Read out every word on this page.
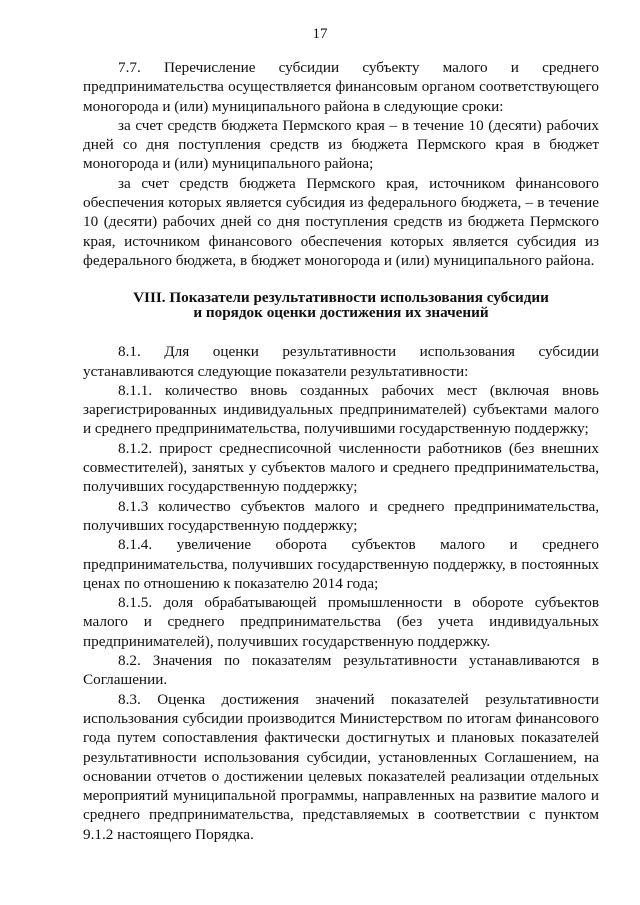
17

7.7. Перечисление субсидии субъекту малого и среднего предпринимательства осуществляется финансовым органом соответствующего моногорода и (или) муниципального района в следующие сроки:

за счет средств бюджета Пермского края – в течение 10 (десяти) рабочих дней со дня поступления средств из бюджета Пермского края в бюджет моногорода и (или) муниципального района;

за счет средств бюджета Пермского края, источником финансового обеспечения которых является субсидия из федерального бюджета, – в течение 10 (десяти) рабочих дней со дня поступления средств из бюджета Пермского края, источником финансового обеспечения которых является субсидия из федерального бюджета, в бюджет моногорода и (или) муниципального района.

VIII. Показатели результативности использования субсидии
и порядок оценки достижения их значений

8.1. Для оценки результативности использования субсидии устанавливаются следующие показатели результативности:

8.1.1. количество вновь созданных рабочих мест (включая вновь зарегистрированных индивидуальных предпринимателей) субъектами малого и среднего предпринимательства, получившими государственную поддержку;

8.1.2. прирост среднесписочной численности работников (без внешних совместителей), занятых у субъектов малого и среднего предпринимательства, получивших государственную поддержку;

8.1.3 количество субъектов малого и среднего предпринимательства, получивших государственную поддержку;

8.1.4. увеличение оборота субъектов малого и среднего предпринимательства, получивших государственную поддержку, в постоянных ценах по отношению к показателю 2014 года;

8.1.5. доля обрабатывающей промышленности в обороте субъектов малого и среднего предпринимательства (без учета индивидуальных предпринимателей), получивших государственную поддержку.

8.2. Значения по показателям результативности устанавливаются в Соглашении.

8.3. Оценка достижения значений показателей результативности использования субсидии производится Министерством по итогам финансового года путем сопоставления фактически достигнутых и плановых показателей результативности использования субсидии, установленных Соглашением, на основании отчетов о достижении целевых показателей реализации отдельных мероприятий муниципальной программы, направленных на развитие малого и среднего предпринимательства, представляемых в соответствии с пунктом 9.1.2 настоящего Порядка.
